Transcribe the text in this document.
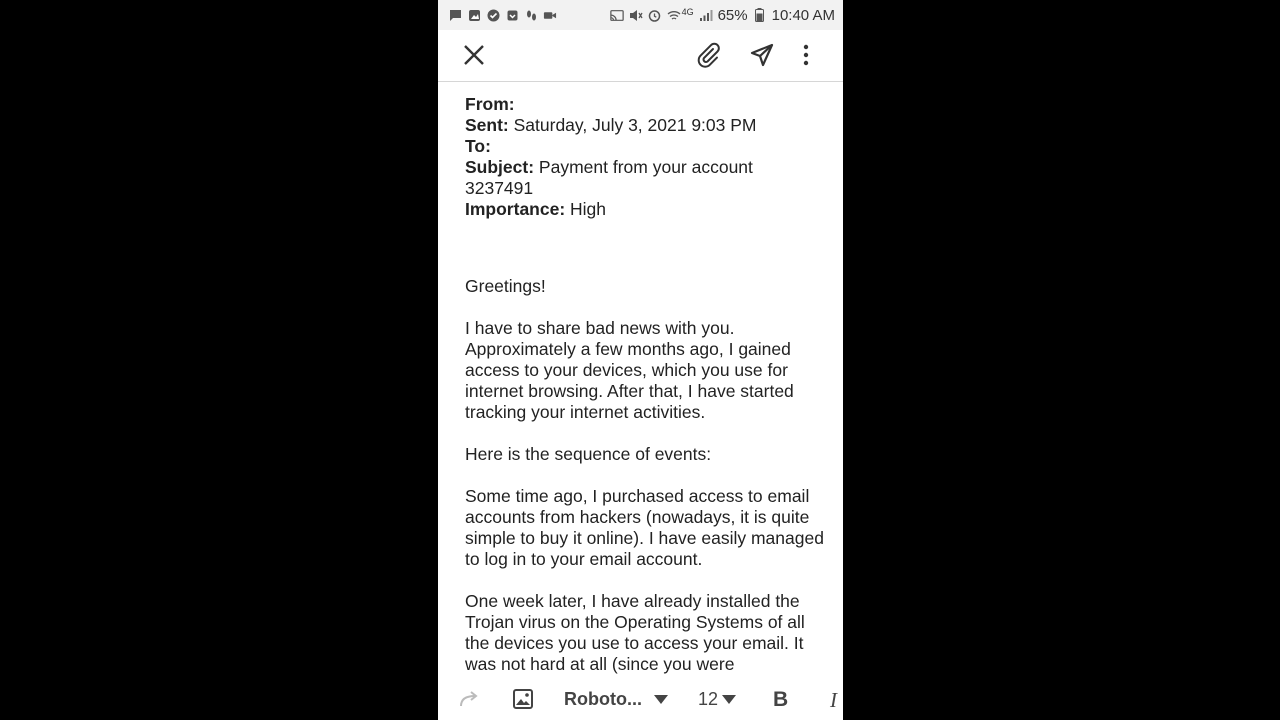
4G 65% 10:40 AM
From:
Sent: Saturday, July 3, 2021 9:03 PM
To:
Subject: Payment from your account
3237491
Importance: High

Greetings!

I have to share bad news with you. Approximately a few months ago, I gained access to your devices, which you use for internet browsing. After that, I have started tracking your internet activities.

Here is the sequence of events:

Some time ago, I purchased access to email accounts from hackers (nowadays, it is quite simple to buy it online). I have easily managed to log in to your email account.

One week later, I have already installed the Trojan virus on the Operating Systems of all the devices you use to access your email. It was not hard at all (since you were

Roboto...	12	B I
